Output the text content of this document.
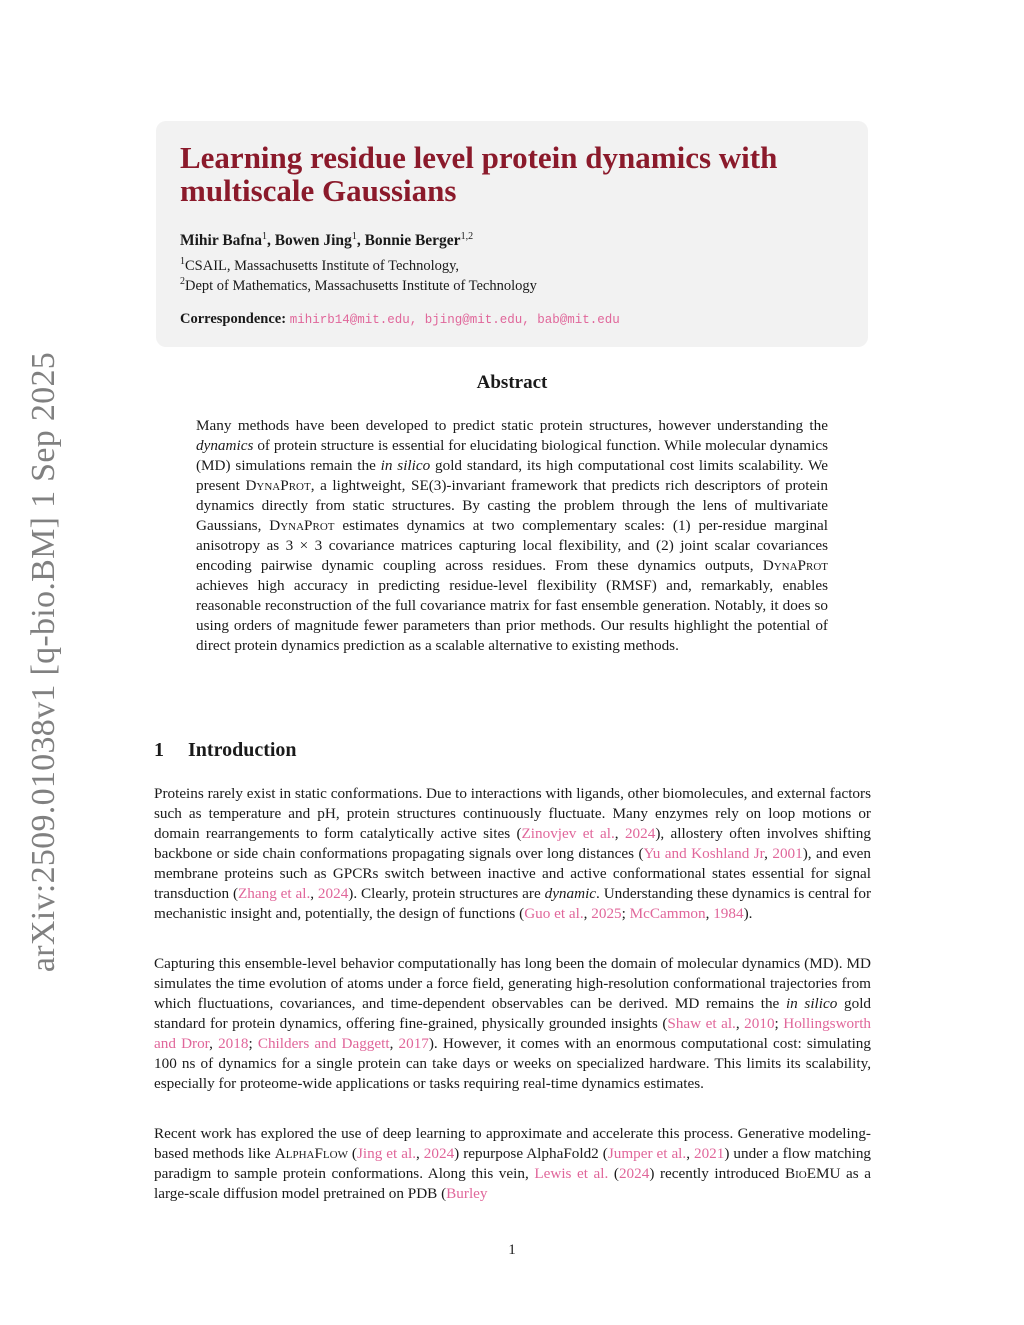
arXiv:2509.01038v1 [q-bio.BM] 1 Sep 2025
Learning residue level protein dynamics with multiscale Gaussians
Mihir Bafna$^1$, Bowen Jing$^1$, Bonnie Berger$^{1,2}$
$^1$CSAIL, Massachusetts Institute of Technology,
$^2$Dept of Mathematics, Massachusetts Institute of Technology
Correspondence: mihirb14@mit.edu, bjing@mit.edu, bab@mit.edu
Abstract

Many methods have been developed to predict static protein structures, however understanding the dynamics of protein structure is essential for elucidating biological function. While molecular dynamics (MD) simulations remain the in silico gold standard, its high computational cost limits scalability. We present DynaProt, a lightweight, SE(3)-invariant framework that predicts rich descriptors of protein dynamics directly from static structures. By casting the problem through the lens of multivariate Gaussians, DynaProt estimates dynamics at two complementary scales: (1) per-residue marginal anisotropy as 3 × 3 covariance matrices capturing local flexibility, and (2) joint scalar covariances encoding pairwise dynamic coupling across residues. From these dynamics outputs, DynaProt achieves high accuracy in predicting residue-level flexibility (RMSF) and, remarkably, enables reasonable reconstruction of the full covariance matrix for fast ensemble generation. Notably, it does so using orders of magnitude fewer parameters than prior methods. Our results highlight the potential of direct protein dynamics prediction as a scalable alternative to existing methods.

1 Introduction

Proteins rarely exist in static conformations. Due to interactions with ligands, other biomolecules, and external factors such as temperature and pH, protein structures continuously fluctuate. Many enzymes rely on loop motions or domain rearrangements to form catalytically active sites (Zinovjev et al., 2024), allostery often involves shifting backbone or side chain conformations propagating signals over long distances (Yu and Koshland Jr, 2001), and even membrane proteins such as GPCRs switch between inactive and active conformational states essential for signal transduction (Zhang et al., 2024). Clearly, protein structures are dynamic. Understanding these dynamics is central for mechanistic insight and, potentially, the design of functions (Guo et al., 2025; McCammon, 1984).

Capturing this ensemble-level behavior computationally has long been the domain of molecular dynamics (MD). MD simulates the time evolution of atoms under a force field, generating high-resolution conformational trajectories from which fluctuations, covariances, and time-dependent observables can be derived. MD remains the in silico gold standard for protein dynamics, offering fine-grained, physically grounded insights (Shaw et al., 2010; Hollingsworth and Dror, 2018; Childers and Daggett, 2017). However, it comes with an enormous computational cost: simulating 100 ns of dynamics for a single protein can take days or weeks on specialized hardware. This limits its scalability, especially for proteome-wide applications or tasks requiring real-time dynamics estimates.

Recent work has explored the use of deep learning to approximate and accelerate this process. Generative modeling-based methods like AlphaFlow (Jing et al., 2024) repurpose AlphaFold2 (Jumper et al., 2021) under a flow matching paradigm to sample protein conformations. Along this vein, Lewis et al. (2024) recently introduced BioEMU as a large-scale diffusion model pretrained on PDB (Burley

1
